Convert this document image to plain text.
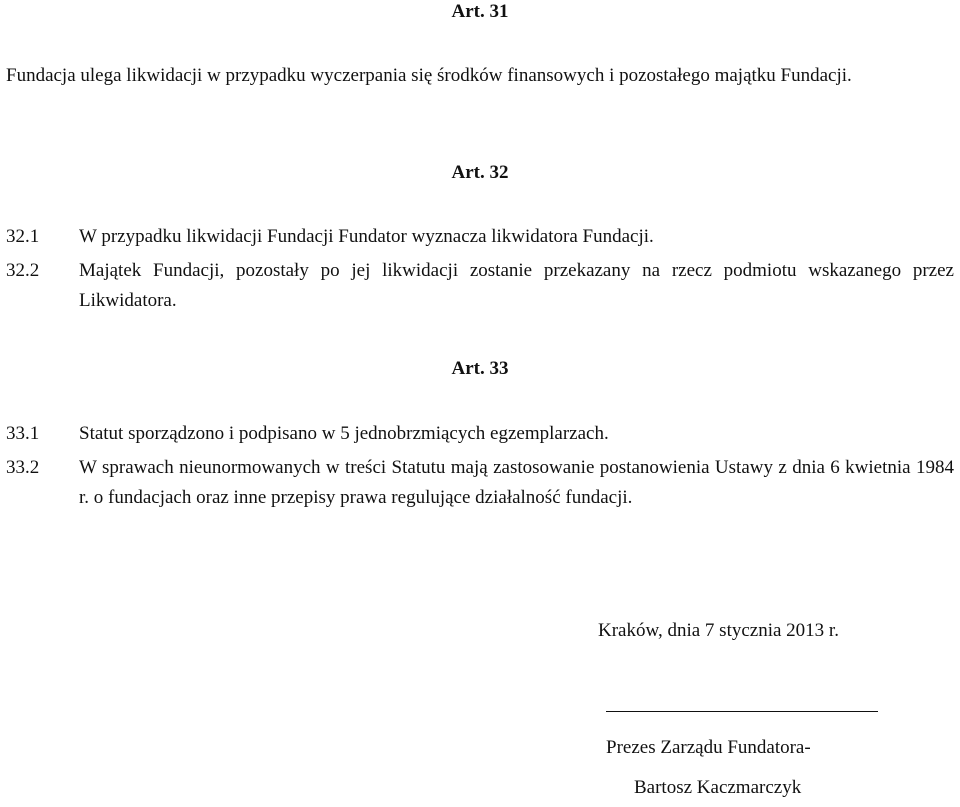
Art. 31
Fundacja ulega likwidacji w przypadku wyczerpania się środków finansowych i pozostałego majątku Fundacji.
Art. 32
32.1	W przypadku likwidacji Fundacji Fundator wyznacza likwidatora Fundacji.
32.2	Majątek Fundacji, pozostały po jej likwidacji zostanie przekazany na rzecz podmiotu wskazanego przez Likwidatora.
Art. 33
33.1	Statut sporządzono i podpisano w 5 jednobrzmiących egzemplarzach.
33.2	W sprawach nieunormowanych w treści Statutu mają zastosowanie postanowienia Ustawy z dnia 6 kwietnia 1984 r. o fundacjach oraz inne przepisy prawa regulujące działalność fundacji.
Kraków, dnia 7 stycznia 2013 r.
Prezes Zarządu Fundatora-
Bartosz Kaczmarczyk
